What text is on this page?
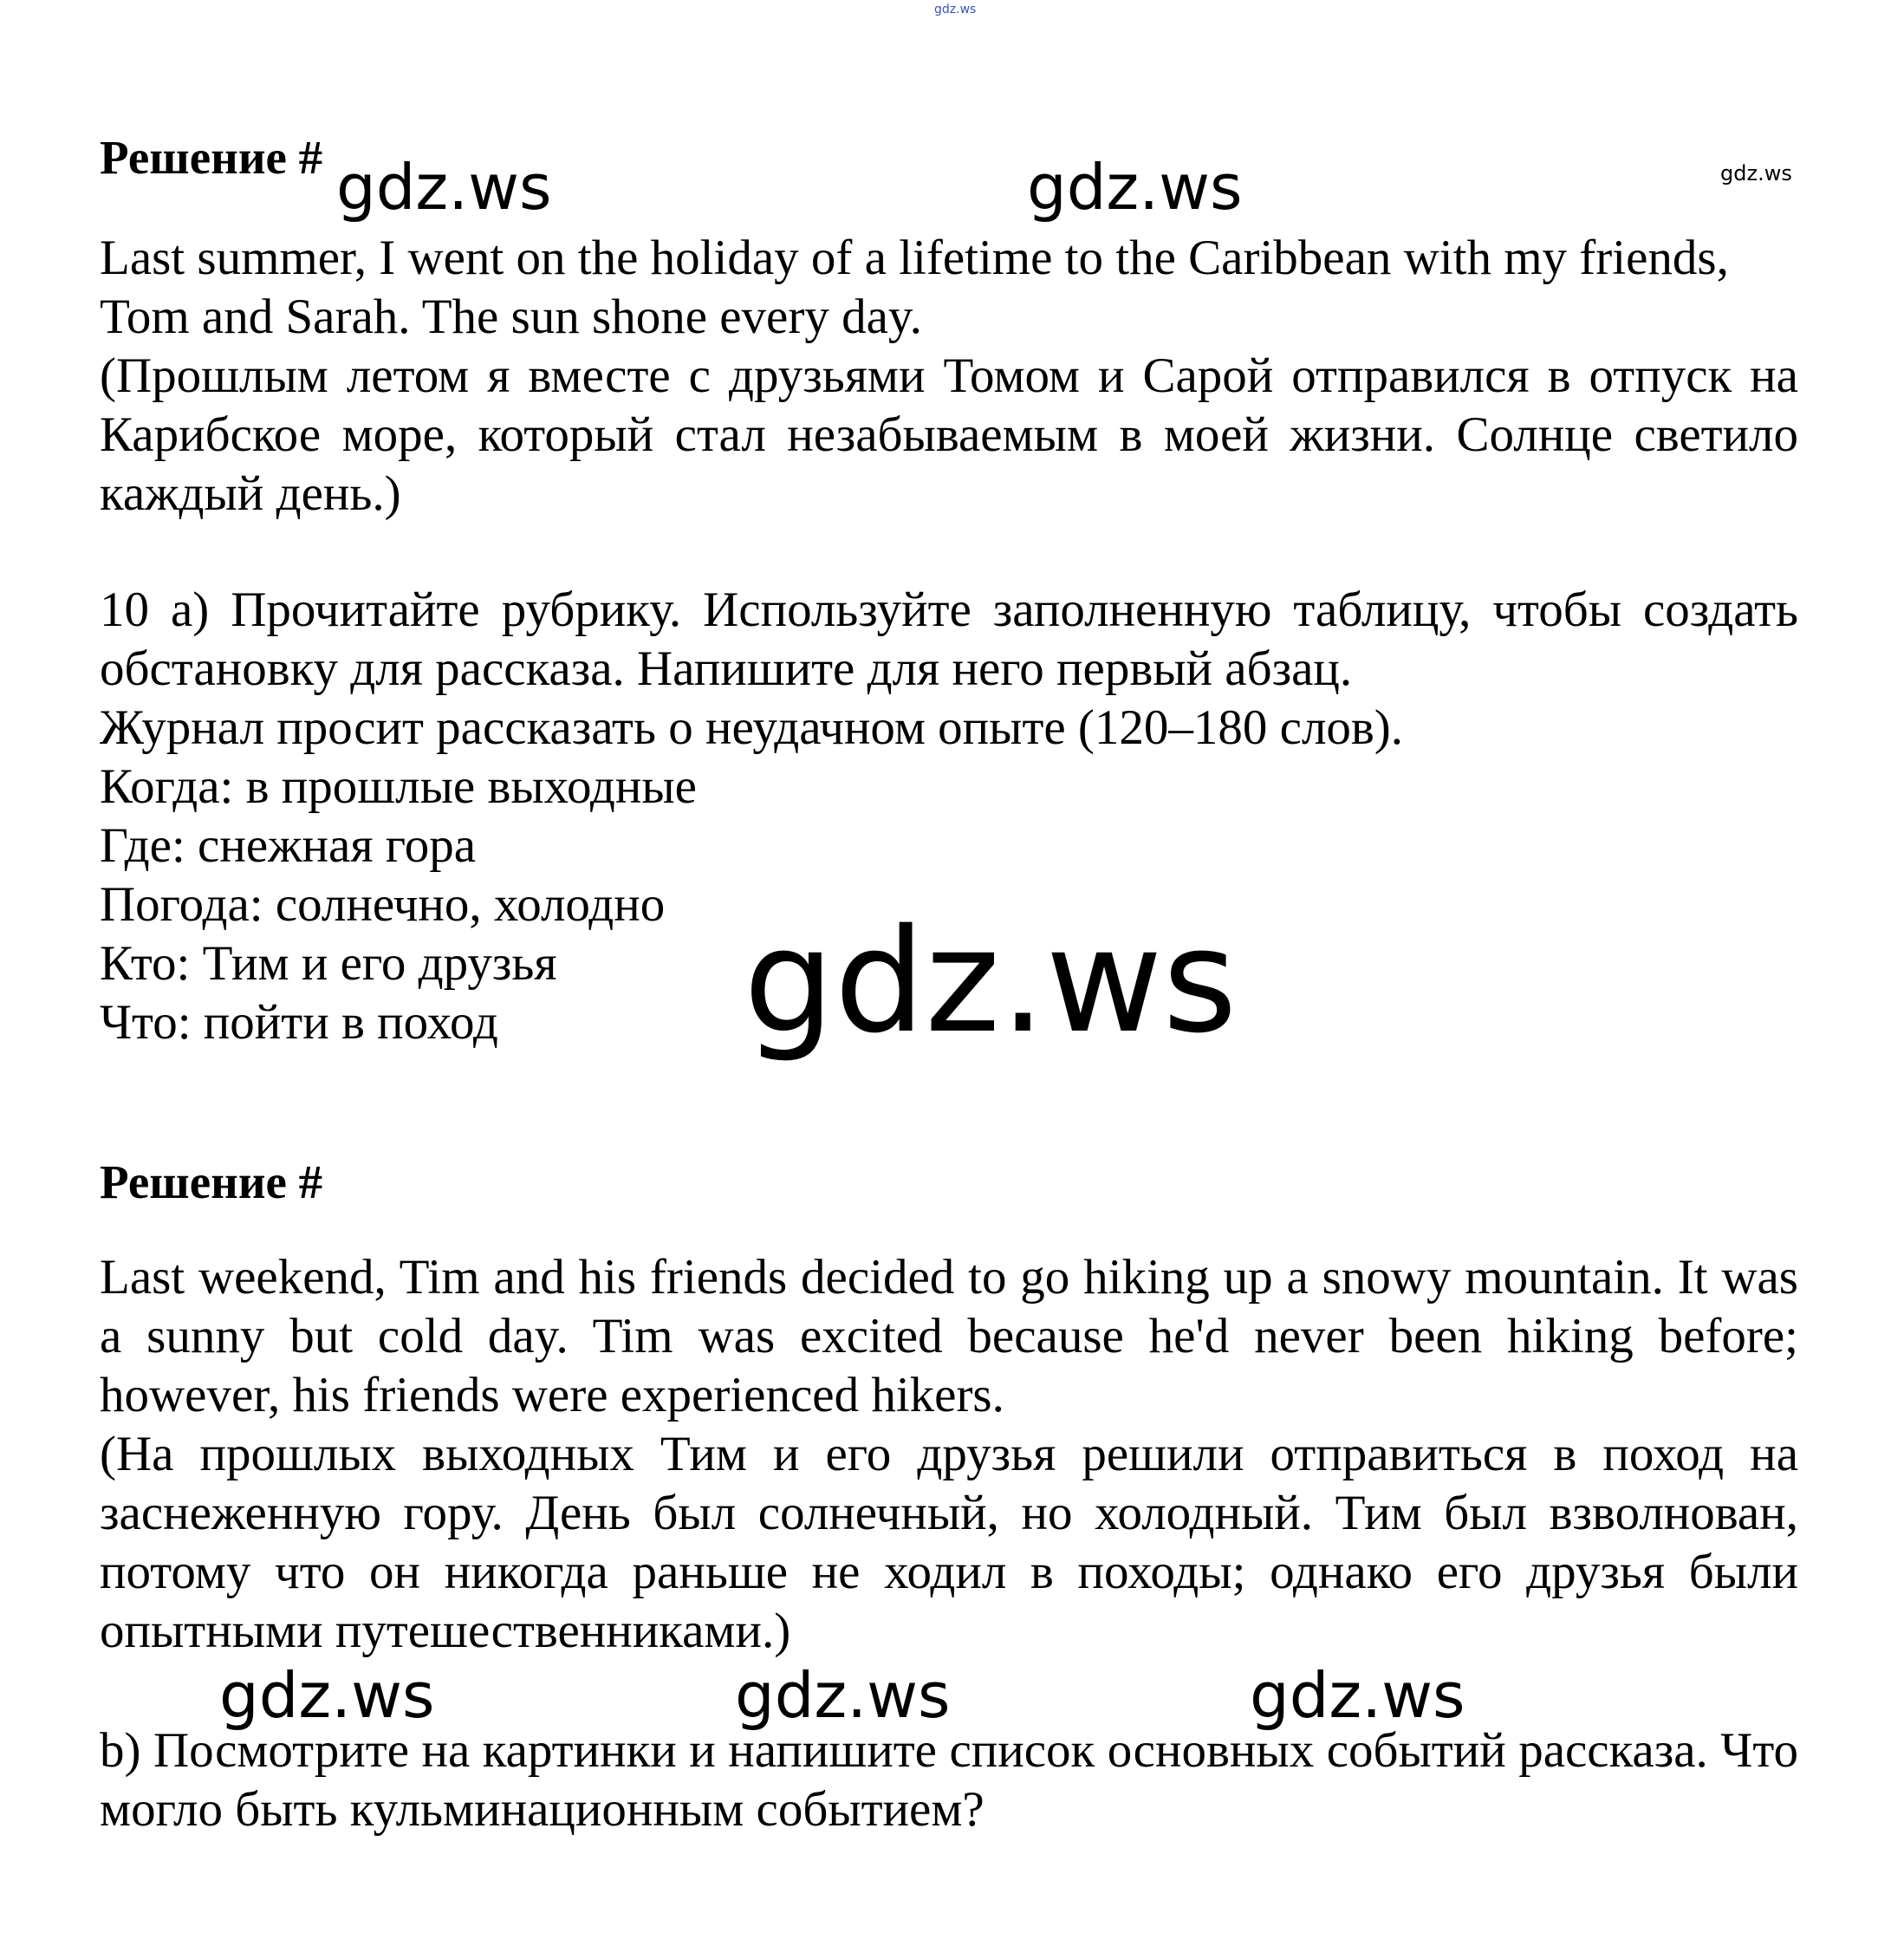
gdz.ws
Решение # gdz.ws	gdz.ws	gdz.ws
Last summer, I went on the holiday of a lifetime to the Caribbean with my friends, Tom and Sarah. The sun shone every day.
(Прошлым летом я вместе с друзьями Томом и Сарой отправился в отпуск на Карибское море, который стал незабываемым в моей жизни. Солнце светило каждый день.)
10 a) Прочитайте рубрику. Используйте заполненную таблицу, чтобы создать обстановку для рассказа. Напишите для него первый абзац.
Журнал просит рассказать о неудачном опыте (120–180 слов).
Когда: в прошлые выходные
Где: снежная гора
Погода: солнечно, холодно
Кто: Тим и его друзья
Что: пойти в поход	gdz.ws
Решение #
Last weekend, Tim and his friends decided to go hiking up a snowy mountain. It was a sunny but cold day. Tim was excited because he'd never been hiking before; however, his friends were experienced hikers.
(На прошлых выходных Тим и его друзья решили отправиться в поход на заснеженную гору. День был солнечный, но холодный. Тим был взволнован, потому что он никогда раньше не ходил в походы; однако его друзья были опытными путешественниками.)
gdz.ws	gdz.ws	gdz.ws
b) Посмотрите на картинки и напишите список основных событий рассказа. Что могло быть кульминационным событием?
